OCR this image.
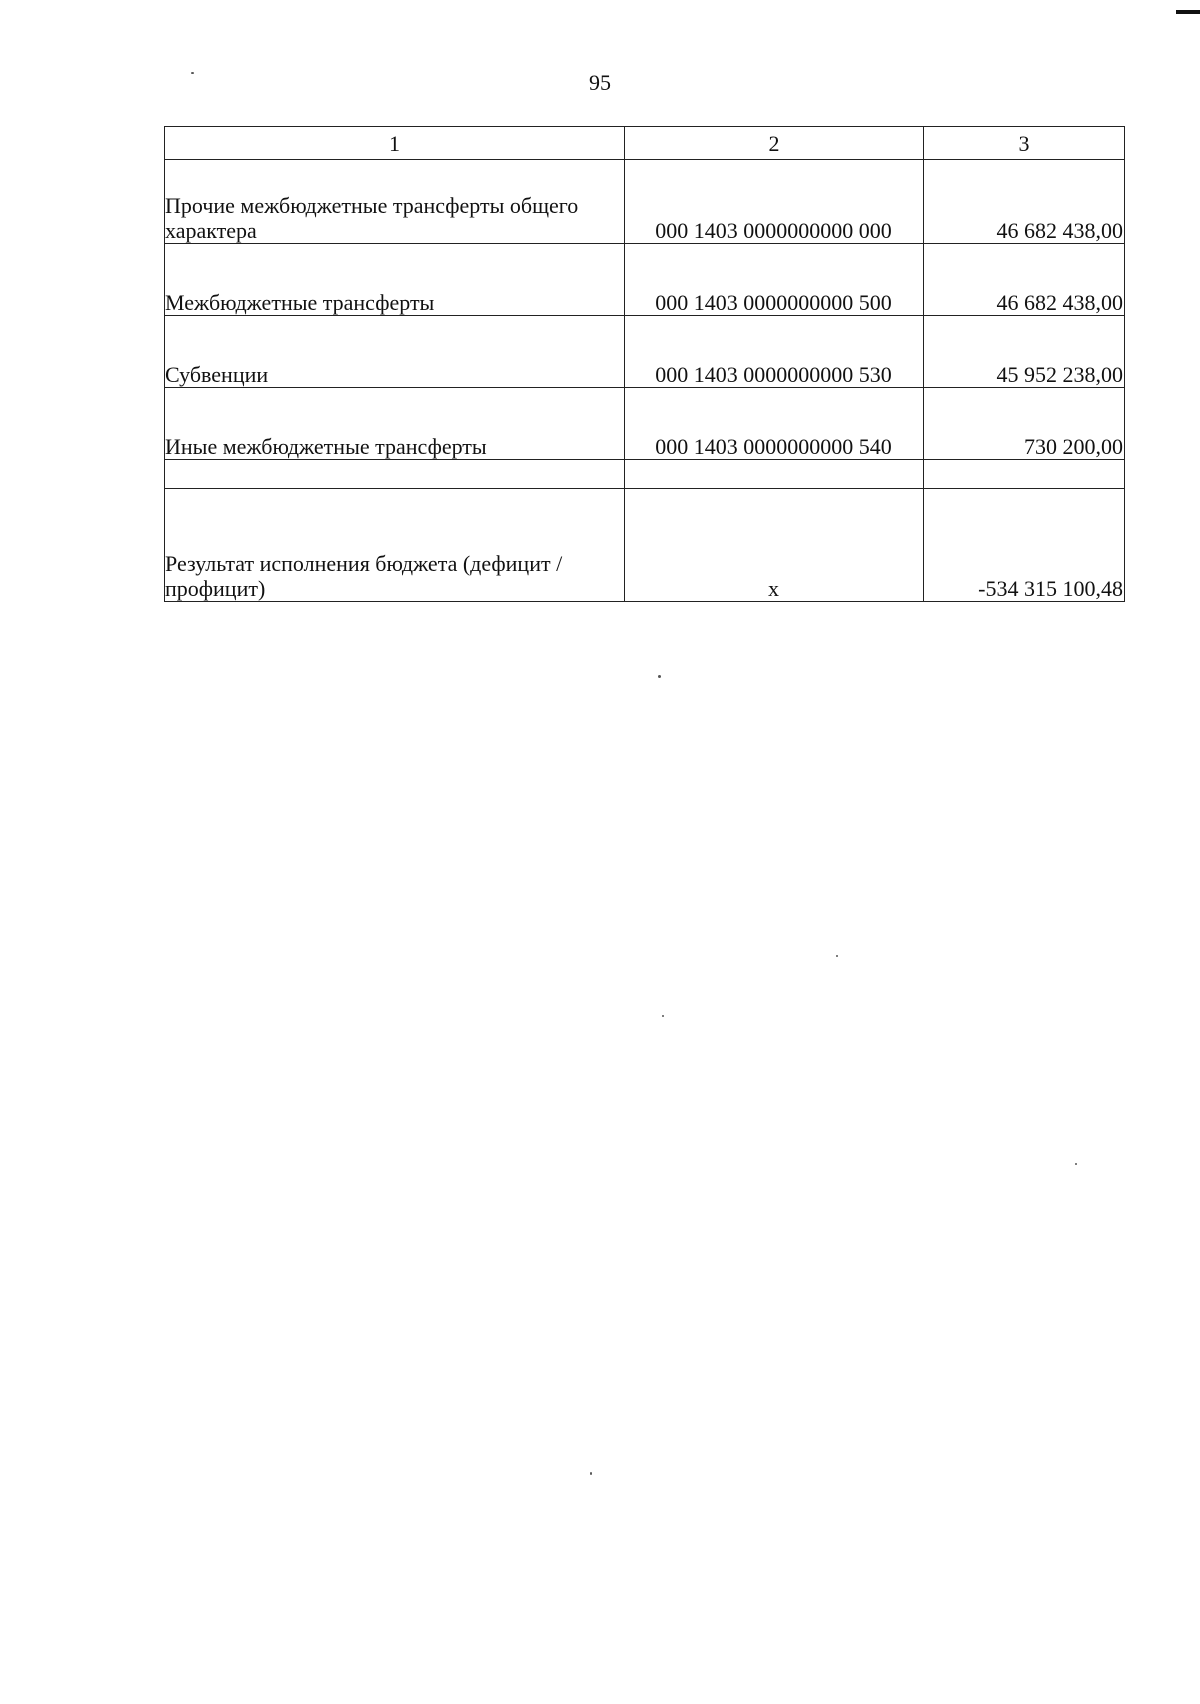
95
1	2	3
Прочие межбюджетные трансферты общего характера	000 1403 0000000000 000	46 682 438,00
Межбюджетные трансферты	000 1403 0000000000 500	46 682 438,00
Субвенции	000 1403 0000000000 530	45 952 238,00
Иные межбюджетные трансферты	000 1403 0000000000 540	730 200,00

Результат исполнения бюджета (дефицит / профицит)	x	-534 315 100,48
